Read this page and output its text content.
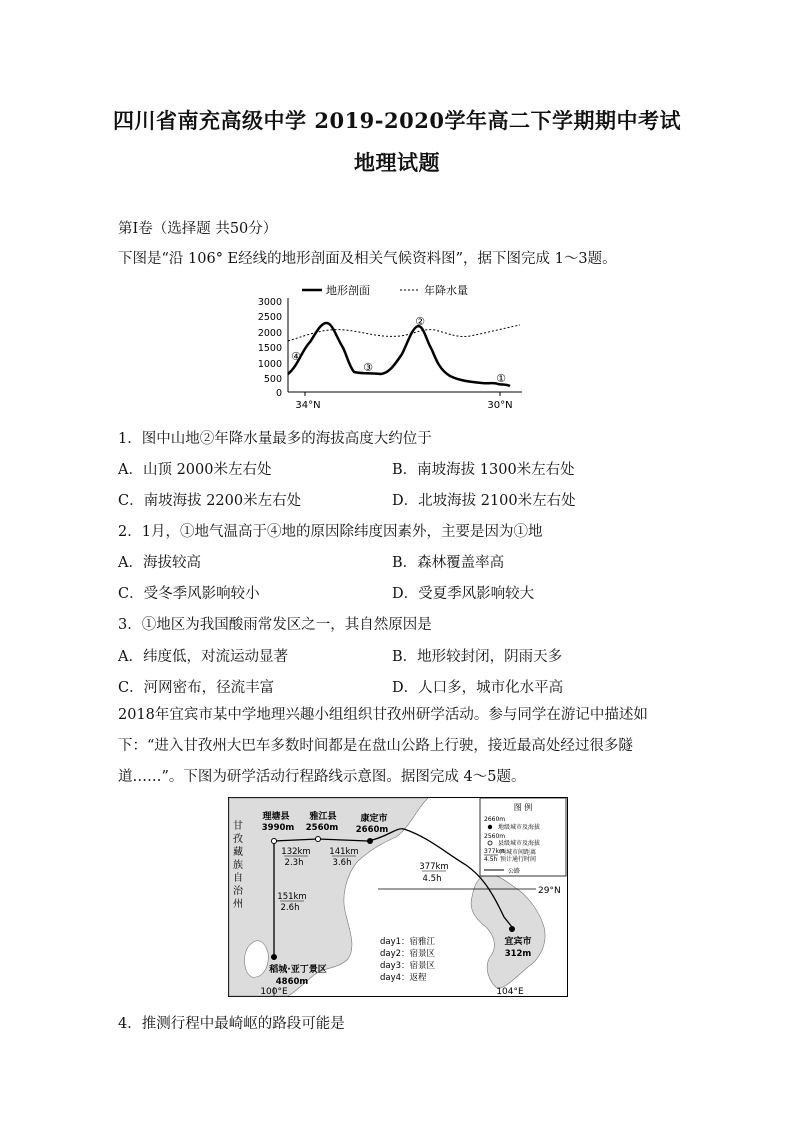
四川省南充高级中学 2019-2020学年高二下学期期中考试
地理试题
第Ⅰ卷（选择题 共50分）
下图是“沿 106° E经线的地形剖面及相关气候资料图”，据下图完成 1～3题。
地形剖面	年降水量
3000
2500
2000
1500
1000
500
0
34°N	30°N
④
②
③
①
1．图中山地②年降水量最多的海拔高度大约位于
A．山顶 2000米左右处	B．南坡海拔 1300米左右处
C．南坡海拔 2200米左右处	D．北坡海拔 2100米左右处
2．1月，①地气温高于④地的原因除纬度因素外，主要是因为①地
A．海拔较高	B．森林覆盖率高
C．受冬季风影响较小	D．受夏季风影响较大
3．①地区为我国酸雨常发区之一，其自然原因是
A．纬度低，对流运动显著	B．地形较封闭，阴雨天多
C．河网密布，径流丰富	D．人口多，城市化水平高
2018年宜宾市某中学地理兴趣小组组织甘孜州研学活动。参与同学在游记中描述如下：“进入甘孜州大巴车多数时间都是在盘山公路上行驶，接近最高处经过很多隧道……”。下图为研学活动行程路线示意图。据图完成 4～5题。
图 例
2660m
地级城市及海拔
2560m
县级城市及海拔
377km
4.5h
两城市间距离
预计通行时间
公路
29°N
甘
孜
藏
族
自
治
州
理塘县
3990m
雅江县
2560m
康定市
2660m
稻城·亚丁景区
4860m
宜宾市
312m
132km
2.3h
141km
3.6h	377km
4.5h
151km
2.6h
day1：宿雅江
day2：宿景区
day3：宿景区
day4：返程
100°E	104°E
4．推测行程中最崎岖的路段可能是
